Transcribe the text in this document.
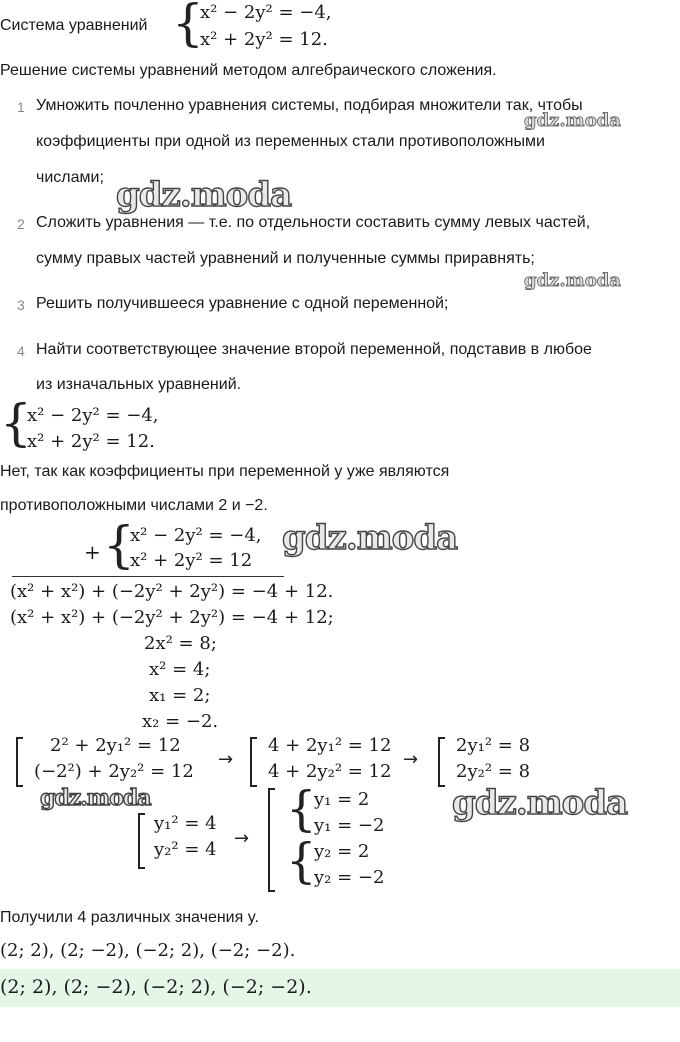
Система уравнений {
x² − 2y² = −4,
x² + 2y² = 12.
Решение системы уравнений методом алгебраического сложения.
1 Умножить почленно уравнения системы, подбирая множители так, чтобы
коэффициенты при одной из переменных стали противоположными
числами;
2 Сложить уравнения — т.е. по отдельности составить сумму левых частей,
сумму правых частей уравнений и полученные суммы приравнять;
3 Решить получившееся уравнение с одной переменной;
4 Найти соответствующее значение второй переменной, подставив в любое
из изначальных уравнений.
{
x² − 2y² = −4,
x² + 2y² = 12.
Нет, так как коэффициенты при переменной y уже являются
противоположными числами 2 и −2.
+ {
x² − 2y² = −4,
x² + 2y² = 12
(x² + x²) + (−2y² + 2y²) = −4 + 12.
(x² + x²) + (−2y² + 2y²) = −4 + 12;
2x² = 8;
x² = 4;
x₁ = 2;
x₂ = −2.
2² + 2y₁² = 12
(−2²) + 2y₂² = 12
→
4 + 2y₁² = 12
4 + 2y₂² = 12
→
2y₁² = 8
2y₂² = 8
y₁² = 4
y₂² = 4
→
{
y₁ = 2
y₁ = −2
{
y₂ = 2
y₂ = −2
Получили 4 различных значения y.
(2; 2), (2; −2), (−2; 2), (−2; −2).
(2; 2), (2; −2), (−2; 2), (−2; −2).
gdz.moda
gdz.moda
gdz.moda
gdz.moda
gdz.moda	gdz.moda
